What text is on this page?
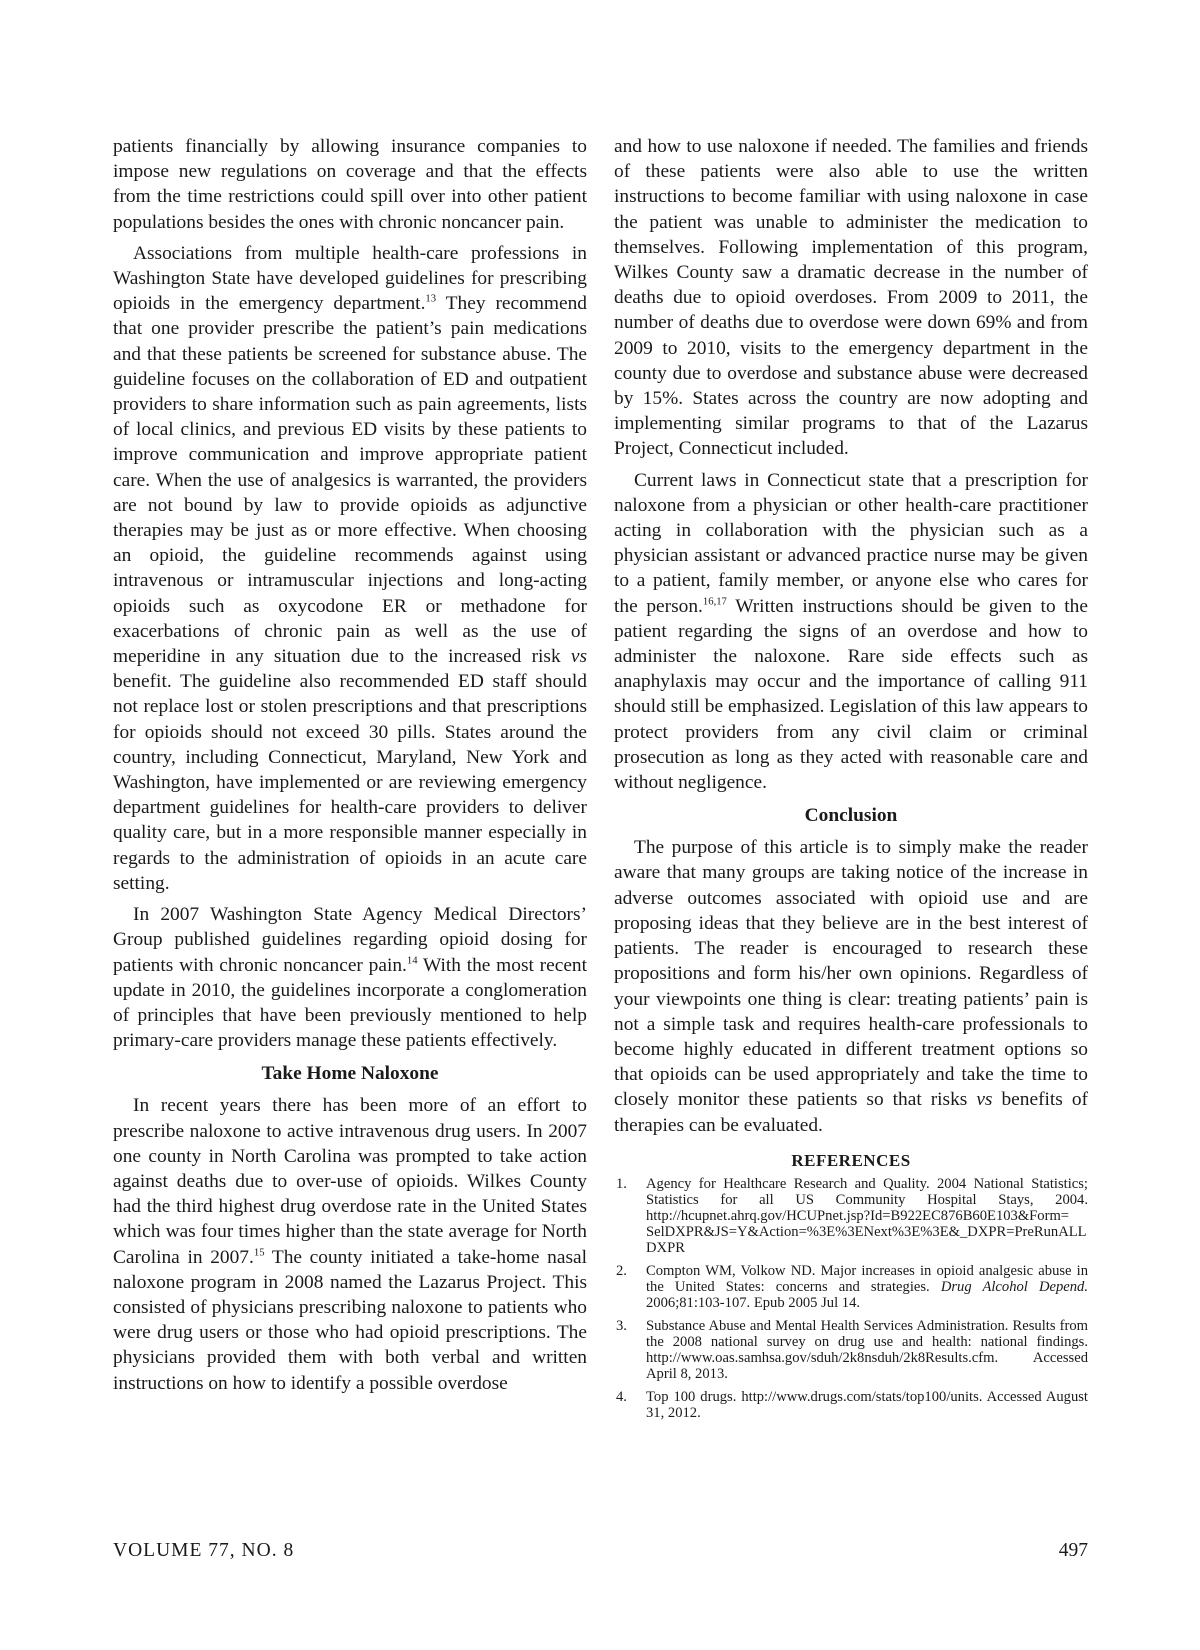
patients financially by allowing insurance companies to impose new regulations on coverage and that the effects from the time restrictions could spill over into other patient populations besides the ones with chronic noncancer pain.

Associations from multiple health-care professions in Washington State have developed guidelines for prescribing opioids in the emergency department.$^{13}$ They recommend that one provider prescribe the patient’s pain medications and that these patients be screened for substance abuse. The guideline focuses on the collaboration of ED and outpatient providers to share information such as pain agreements, lists of local clinics, and previous ED visits by these patients to improve communication and improve appropriate patient care. When the use of analgesics is warranted, the providers are not bound by law to provide opioids as adjunctive therapies may be just as or more effective. When choosing an opioid, the guideline recommends against using intravenous or intramuscular injections and long-acting opioids such as oxycodone ER or methadone for exacerbations of chronic pain as well as the use of meperidine in any situation due to the increased risk vs benefit. The guideline also recommended ED staff should not replace lost or stolen prescriptions and that prescriptions for opioids should not exceed 30 pills. States around the country, including Connecticut, Maryland, New York and Washington, have implemented or are reviewing emergency department guidelines for health-care providers to deliver quality care, but in a more responsible manner especially in regards to the administration of opioids in an acute care setting.

In 2007 Washington State Agency Medical Directors’ Group published guidelines regarding opioid dosing for patients with chronic noncancer pain.$^{14}$ With the most recent update in 2010, the guidelines incorporate a conglomeration of principles that have been previously mentioned to help primary-care providers manage these patients effectively.

Take Home Naloxone

In recent years there has been more of an effort to prescribe naloxone to active intravenous drug users. In 2007 one county in North Carolina was prompted to take action against deaths due to over-use of opioids. Wilkes County had the third highest drug overdose rate in the United States which was four times higher than the state average for North Carolina in 2007.15 The county initiated a take-home nasal naloxone program in 2008 named the Lazarus Project. This consisted of physicians prescribing naloxone to patients who were drug users or those who had opioid prescriptions. The physicians provided them with both verbal and written instructions on how to identify a possible overdose

and how to use naloxone if needed. The families and friends of these patients were also able to use the written instructions to become familiar with using naloxone in case the patient was unable to administer the medication to themselves. Following implementation of this program, Wilkes County saw a dramatic decrease in the number of deaths due to opioid overdoses. From 2009 to 2011, the number of deaths due to overdose were down 69% and from 2009 to 2010, visits to the emergency department in the county due to overdose and substance abuse were decreased by 15%. States across the country are now adopting and implementing similar programs to that of the Lazarus Project, Connecticut included.

Current laws in Connecticut state that a prescription for naloxone from a physician or other health-care practitioner acting in collaboration with the physician such as a physician assistant or advanced practice nurse may be given to a patient, family member, or anyone else who cares for the person.$^{16,17}$ Written instructions should be given to the patient regarding the signs of an overdose and how to administer the naloxone. Rare side effects such as anaphylaxis may occur and the importance of calling 911 should still be emphasized. Legislation of this law appears to protect providers from any civil claim or criminal prosecution as long as they acted with reasonable care and without negligence.

Conclusion

The purpose of this article is to simply make the reader aware that many groups are taking notice of the increase in adverse outcomes associated with opioid use and are proposing ideas that they believe are in the best interest of patients. The reader is encouraged to research these propositions and form his/her own opinions. Regardless of your viewpoints one thing is clear: treating patients’ pain is not a simple task and requires health-care professionals to become highly educated in different treatment options so that opioids can be used appropriately and take the time to closely monitor these patients so that risks vs benefits of therapies can be evaluated.

REFERENCES
1. Agency for Healthcare Research and Quality. 2004 National Statistics; Statistics for all US Community Hospital Stays, 2004. http://hcupnet.ahrq.gov/HCUPnet.jsp?Id=B922EC876B60E103&Form= SelDXPR&JS=Y&Action=%3E%3ENext%3E%3E&_DXPR=PreRunALLDXPR
2. Compton WM, Volkow ND. Major increases in opioid analgesic abuse in the United States: concerns and strategies. Drug Alcohol Depend. 2006;81:103-107. Epub 2005 Jul 14.
3. Substance Abuse and Mental Health Services Administration. Results from the 2008 national survey on drug use and health: national findings. http://www.oas.samhsa.gov/sduh/2k8nsduh/2k8Results.cfm. Accessed April 8, 2013.
4. Top 100 drugs. http://www.drugs.com/stats/top100/units. Accessed August 31, 2012.
VOLUME 77, NO. 8	497
